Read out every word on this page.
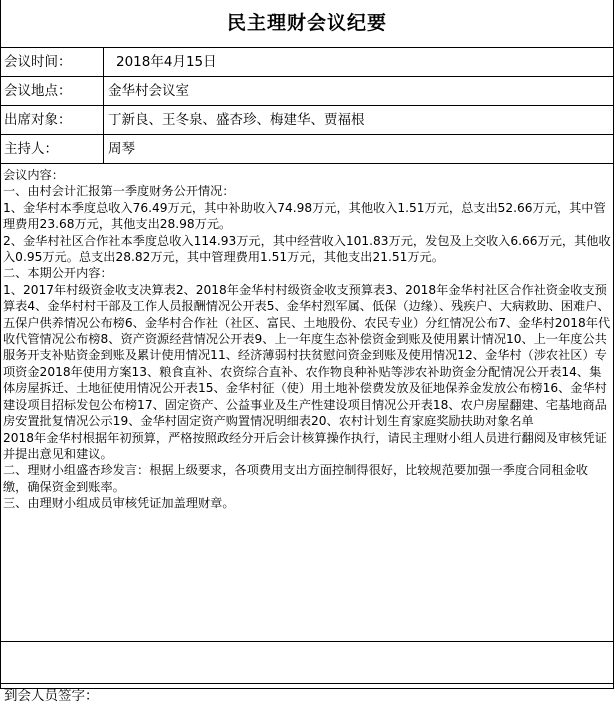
民主理财会议纪要
会议时间：	2018年4月15日
会议地点：	金华村会议室
出席对象：	丁新良、王冬泉、盛杏珍、梅建华、贾福根
主持人：	周琴

会议内容：

一、由村会计汇报第一季度财务公开情况：

1、金华村本季度总收入76.49万元，其中补助收入74.98万元，其他收入1.51万元，总支出52.66万元，其中管理费用23.68万元，其他支出28.98万元。

2、金华村社区合作社本季度总收入114.93万元，其中经营收入101.83万元，发包及上交收入6.66万元，其他收入0.95万元。总支出28.82万元，其中管理费用1.51万元，其他支出21.51万元。

二、本期公开内容：

1、2017年村级资金收支决算表2、2018年金华村村级资金收支预算表3、2018年金华村社区合作社资金收支预算表4、金华村村干部及工作人员报酬情况公开表5、金华村烈军属、低保（边缘）、残疾户、大病救助、困难户、五保户供养情况公布榜6、金华村合作社（社区、富民、土地股份、农民专业）分红情况公布7、金华村2018年代收代管情况公布榜8、资产资源经营情况公开表9、上一年度生态补偿资金到账及使用累计情况10、上一年度公共服务开支补贴资金到账及累计使用情况11、经济薄弱村扶贫慰问资金到账及使用情况12、金华村（涉农社区）专项资金2018年使用方案13、粮食直补、农资综合直补、农作物良种补贴等涉农补助资金分配情况公开表14、集体房屋拆迁、土地征使用情况公开表15、金华村征（使）用土地补偿费发放及征地保养金发放公布榜16、金华村建设项目招标发包公布榜17、固定资产、公益事业及生产性建设项目情况公开表18、农户房屋翻建、宅基地商品房安置批复情况公示19、金华村固定资产购置情况明细表20、农村计划生育家庭奖励扶助对象名单

2018年金华村根据年初预算，严格按照政经分开后会计核算操作执行，请民主理财小组人员进行翻阅及审核凭证并提出意见和建议。

二、理财小组盛杏珍发言：根据上级要求，各项费用支出方面控制得很好，比较规范要加强一季度合同租金收缴，确保资金到账率。

三、由理财小组成员审核凭证加盖理财章。

到会人员签字：
